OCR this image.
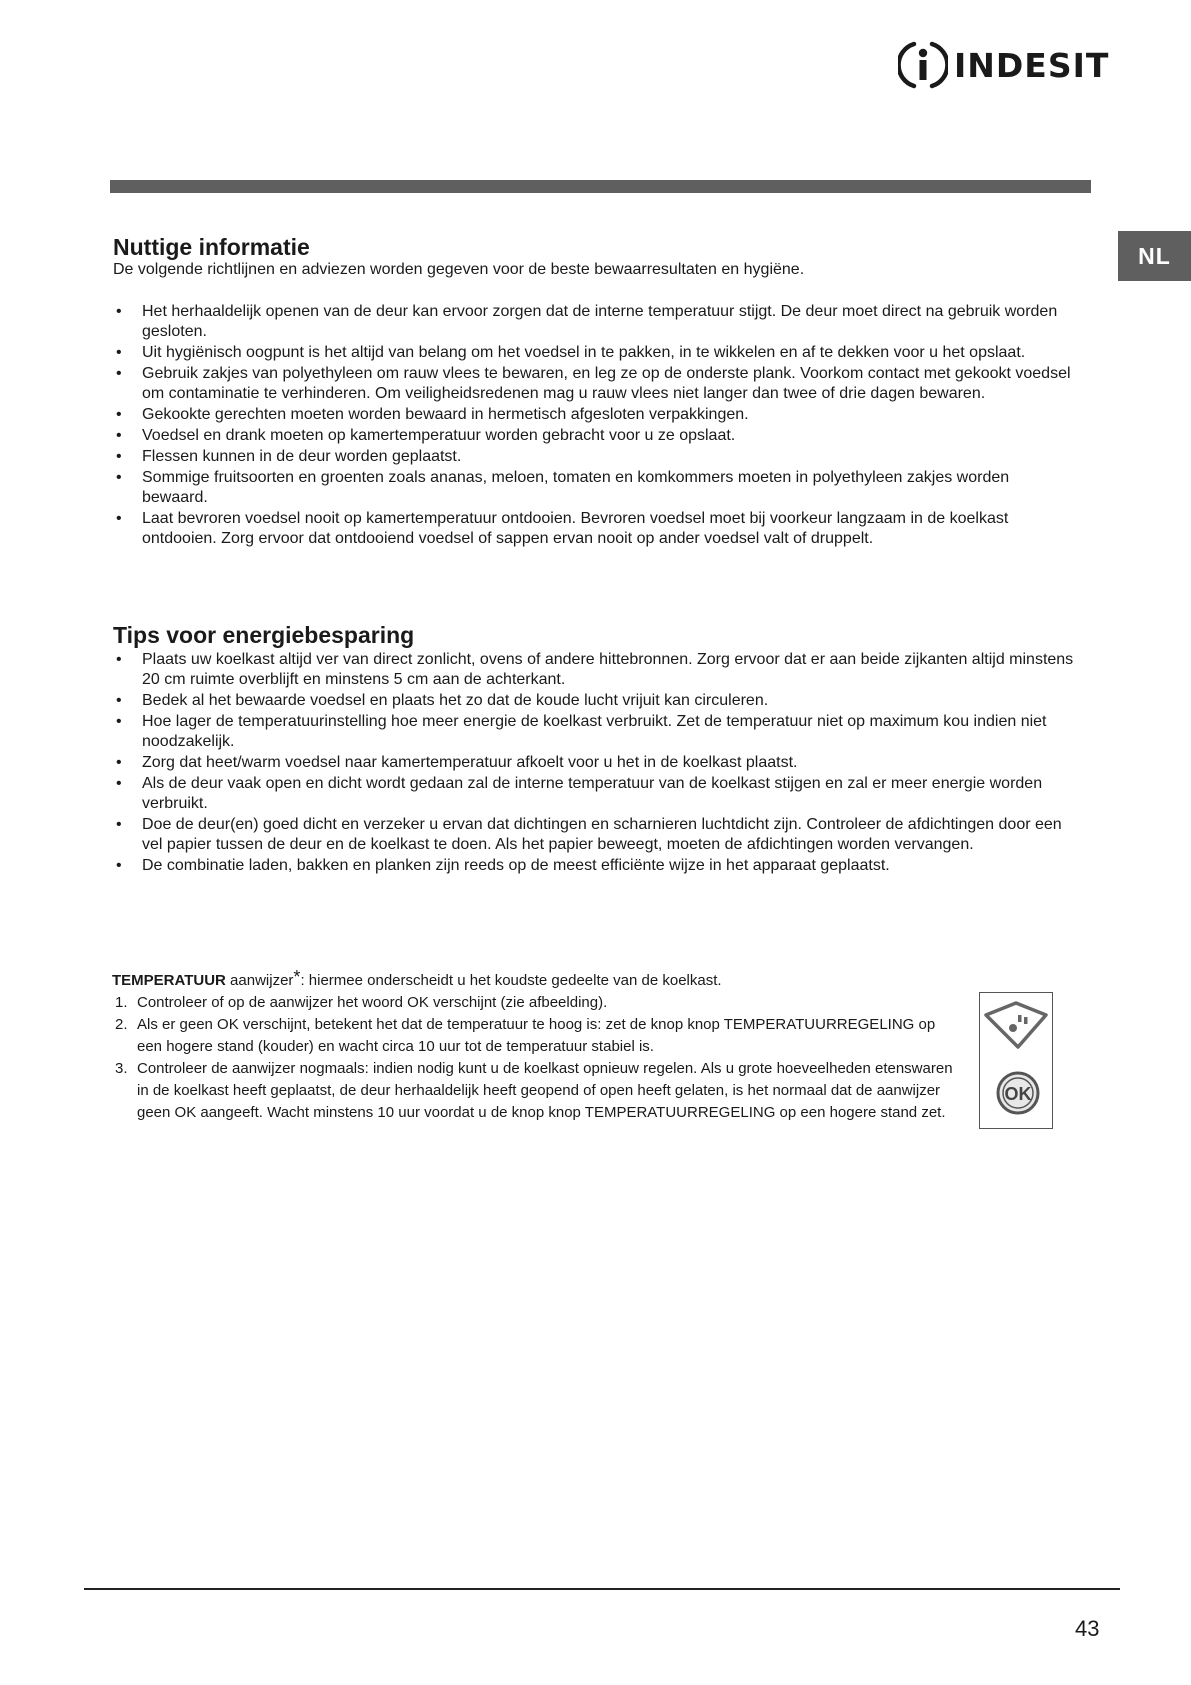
INDESIT
NL
Nuttige informatie

De volgende richtlijnen en adviezen worden gegeven voor de beste bewaarresultaten en hygiëne.

• Het herhaaldelijk openen van de deur kan ervoor zorgen dat de interne temperatuur stijgt. De deur moet direct na gebruik worden gesloten.
• Uit hygiënisch oogpunt is het altijd van belang om het voedsel in te pakken, in te wikkelen en af te dekken voor u het opslaat.
• Gebruik zakjes van polyethyleen om rauw vlees te bewaren, en leg ze op de onderste plank. Voorkom contact met gekookt voedsel om contaminatie te verhinderen. Om veiligheidsredenen mag u rauw vlees niet langer dan twee of drie dagen bewaren.
• Gekookte gerechten moeten worden bewaard in hermetisch afgesloten verpakkingen.
• Voedsel en drank moeten op kamertemperatuur worden gebracht voor u ze opslaat.
• Flessen kunnen in de deur worden geplaatst.
• Sommige fruitsoorten en groenten zoals ananas, meloen, tomaten en komkommers moeten in polyethyleen zakjes worden bewaard.
• Laat bevroren voedsel nooit op kamertemperatuur ontdooien. Bevroren voedsel moet bij voorkeur langzaam in de koelkast ontdooien. Zorg ervoor dat ontdooiend voedsel of sappen ervan nooit op ander voedsel valt of druppelt.
Tips voor energiebesparing
• Plaats uw koelkast altijd ver van direct zonlicht, ovens of andere hittebronnen. Zorg ervoor dat er aan beide zijkanten altijd minstens 20 cm ruimte overblijft en minstens 5 cm aan de achterkant.
• Bedek al het bewaarde voedsel en plaats het zo dat de koude lucht vrijuit kan circuleren.
• Hoe lager de temperatuurinstelling hoe meer energie de koelkast verbruikt. Zet de temperatuur niet op maximum kou indien niet noodzakelijk.
• Zorg dat heet/warm voedsel naar kamertemperatuur afkoelt voor u het in de koelkast plaatst.
• Als de deur vaak open en dicht wordt gedaan zal de interne temperatuur van de koelkast stijgen en zal er meer energie worden verbruikt.
• Doe de deur(en) goed dicht en verzeker u ervan dat dichtingen en scharnieren luchtdicht zijn. Controleer de afdichtingen door een vel papier tussen de deur en de koelkast te doen. Als het papier beweegt, moeten de afdichtingen worden vervangen.
• De combinatie laden, bakken en planken zijn reeds op de meest efficiënte wijze in het apparaat geplaatst.
TEMPERATUUR aanwijzer*: hiermee onderscheidt u het koudste gedeelte van de koelkast.
1. Controleer of op de aanwijzer het woord OK verschijnt (zie afbeelding).
2. Als er geen OK verschijnt, betekent het dat de temperatuur te hoog is: zet de knop knop TEMPERATUURREGELING op een hogere stand (kouder) en wacht circa 10 uur tot de temperatuur stabiel is.
3. Controleer de aanwijzer nogmaals: indien nodig kunt u de koelkast opnieuw regelen. Als u grote hoeveelheden etenswaren in de koelkast heeft geplaatst, de deur herhaaldelijk heeft geopend of open heeft gelaten, is het normaal dat de aanwijzer geen OK aangeeft. Wacht minstens 10 uur voordat u de knop knop TEMPERATUURREGELING op een hogere stand zet.
OK
43
